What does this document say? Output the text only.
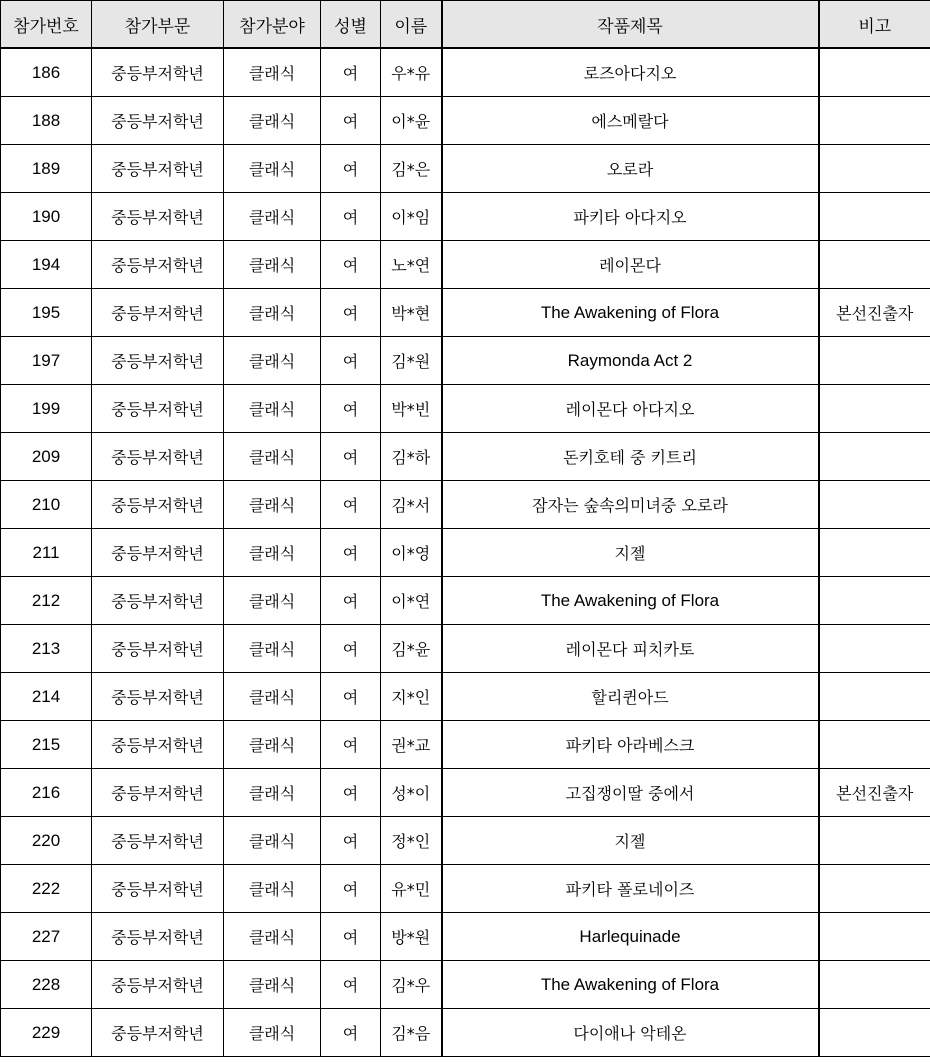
참가번호	참가부문	참가분야	성별	이름	작품제목	비고
186	중등부저학년	클래식	여	우*유	로즈아다지오	
188	중등부저학년	클래식	여	이*윤	에스메랄다	
189	중등부저학년	클래식	여	김*은	오로라	
190	중등부저학년	클래식	여	이*임	파키타 아다지오	
194	중등부저학년	클래식	여	노*연	레이몬다	
195	중등부저학년	클래식	여	박*현	The Awakening of Flora	본선진출자
197	중등부저학년	클래식	여	김*원	Raymonda Act 2	
199	중등부저학년	클래식	여	박*빈	레이몬다 아다지오	
209	중등부저학년	클래식	여	김*하	돈키호테 중 키트리	
210	중등부저학년	클래식	여	김*서	잠자는 숲속의미녀중 오로라	
211	중등부저학년	클래식	여	이*영	지젤	
212	중등부저학년	클래식	여	이*연	The Awakening of Flora	
213	중등부저학년	클래식	여	김*윤	레이몬다 피치카토	
214	중등부저학년	클래식	여	지*인	할리퀸아드	
215	중등부저학년	클래식	여	권*교	파키타 아라베스크	
216	중등부저학년	클래식	여	성*이	고집쟁이딸 중에서	본선진출자
220	중등부저학년	클래식	여	정*인	지젤	
222	중등부저학년	클래식	여	유*민	파키타 폴로네이즈	
227	중등부저학년	클래식	여	방*원	Harlequinade	
228	중등부저학년	클래식	여	김*우	The Awakening of Flora	
229	중등부저학년	클래식	여	김*음	다이애나 악테온	
